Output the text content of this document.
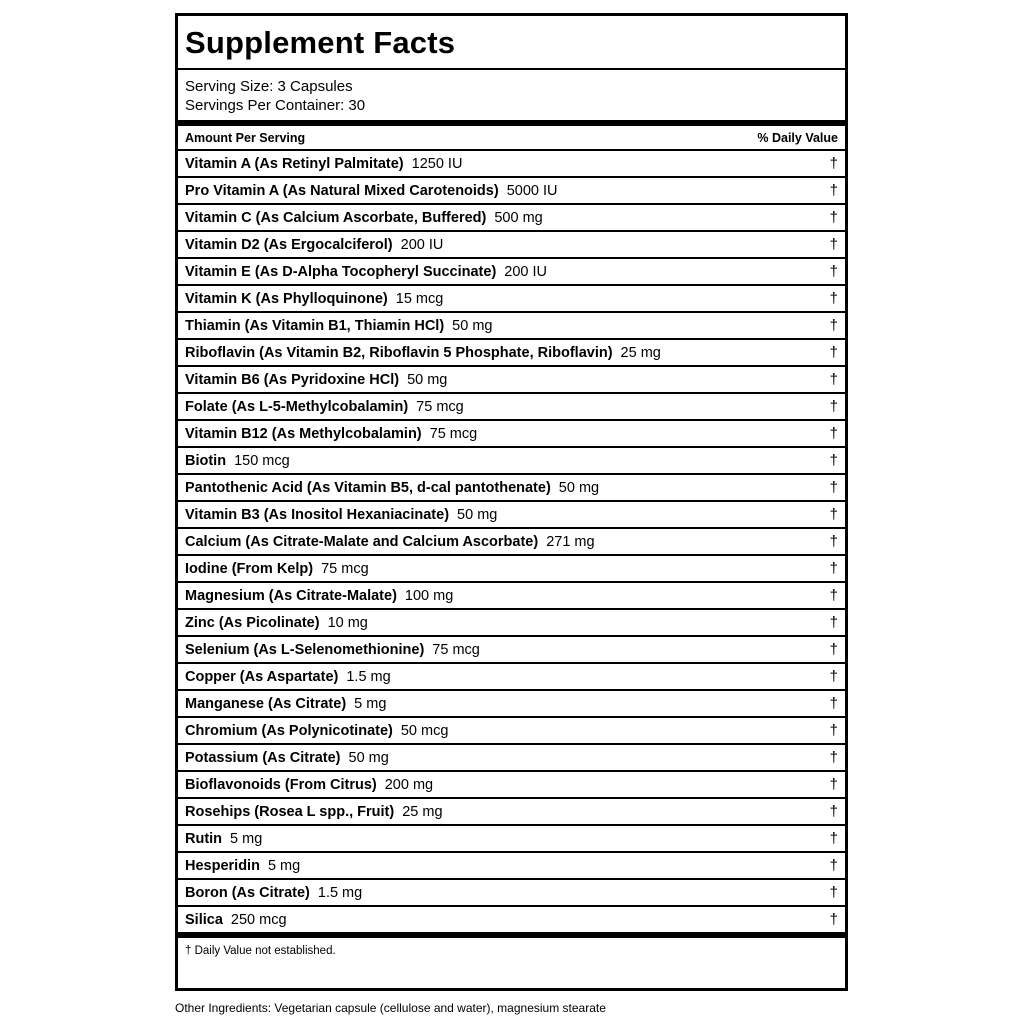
Supplement Facts
Serving Size: 3 Capsules
Servings Per Container: 30
Amount Per Serving	% Daily Value
Vitamin A (As Retinyl Palmitate) 1250 IU	†
Pro Vitamin A (As Natural Mixed Carotenoids) 5000 IU	†
Vitamin C (As Calcium Ascorbate, Buffered) 500 mg	†
Vitamin D2 (As Ergocalciferol) 200 IU	†
Vitamin E (As D-Alpha Tocopheryl Succinate) 200 IU	†
Vitamin K (As Phylloquinone) 15 mcg	†
Thiamin (As Vitamin B1, Thiamin HCl) 50 mg	†
Riboflavin (As Vitamin B2, Riboflavin 5 Phosphate, Riboflavin) 25 mg	†
Vitamin B6 (As Pyridoxine HCl) 50 mg	†
Folate (As L-5-Methylcobalamin) 75 mcg	†
Vitamin B12 (As Methylcobalamin) 75 mcg	†
Biotin 150 mcg	†
Pantothenic Acid (As Vitamin B5, d-cal pantothenate) 50 mg	†
Vitamin B3 (As Inositol Hexaniacinate) 50 mg	†
Calcium (As Citrate-Malate and Calcium Ascorbate) 271 mg	†
Iodine (From Kelp) 75 mcg	†
Magnesium (As Citrate-Malate) 100 mg	†
Zinc (As Picolinate) 10 mg	†
Selenium (As L-Selenomethionine) 75 mcg	†
Copper (As Aspartate) 1.5 mg	†
Manganese (As Citrate) 5 mg	†
Chromium (As Polynicotinate) 50 mcg	†
Potassium (As Citrate) 50 mg	†
Bioflavonoids (From Citrus) 200 mg	†
Rosehips (Rosea L spp., Fruit) 25 mg	†
Rutin 5 mg	†
Hesperidin 5 mg	†
Boron (As Citrate) 1.5 mg	†
Silica 250 mcg	†
† Daily Value not established.
Other Ingredients: Vegetarian capsule (cellulose and water), magnesium stearate
